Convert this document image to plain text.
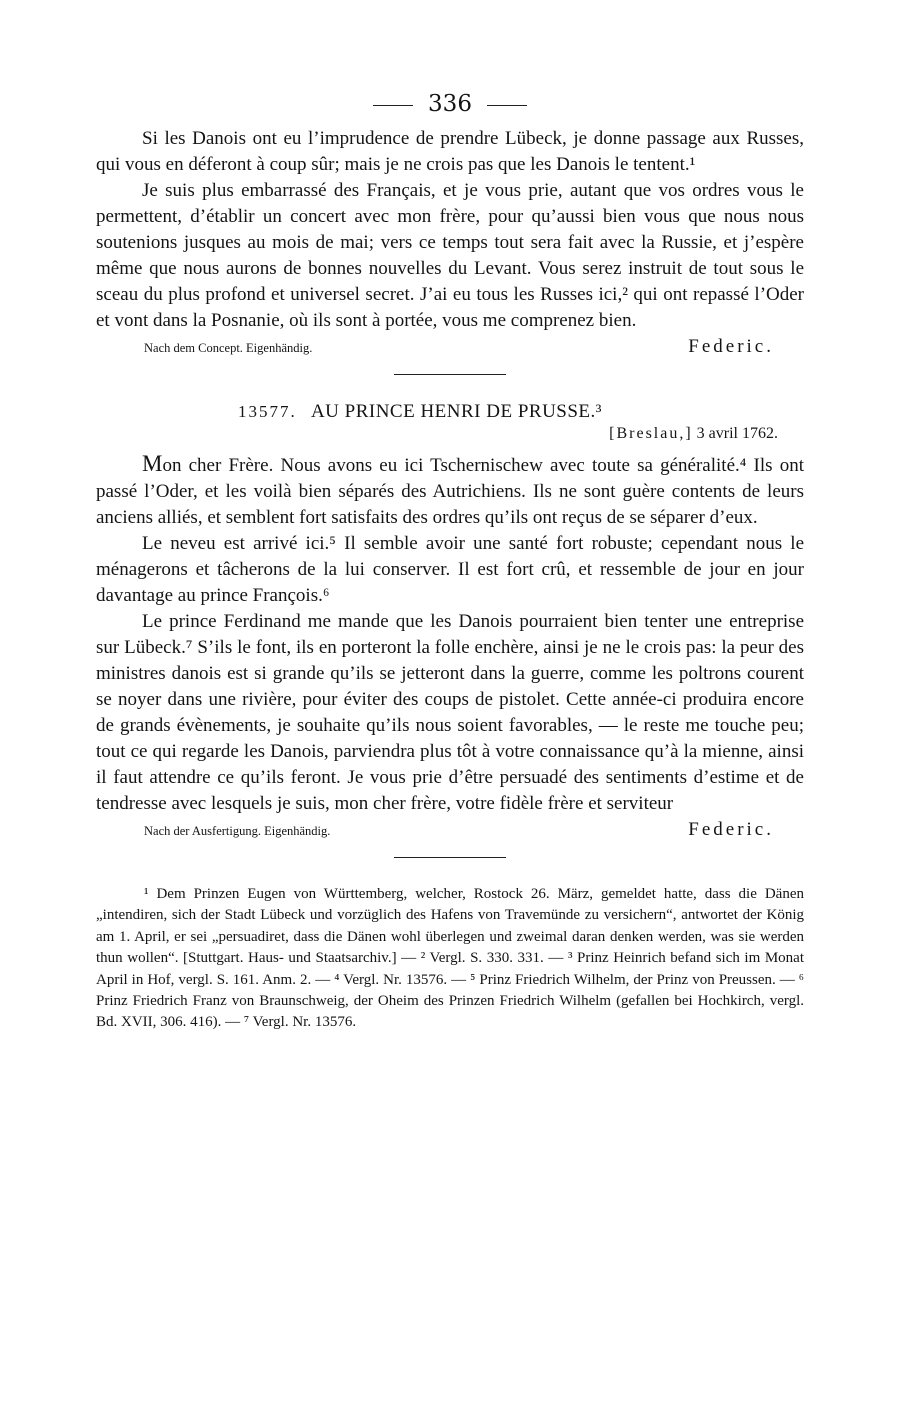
336

Si les Danois ont eu l’imprudence de prendre Lübeck, je donne passage aux Russes, qui vous en déferont à coup sûr; mais je ne crois pas que les Danois le tentent.¹

Je suis plus embarrassé des Français, et je vous prie, autant que vos ordres vous le permettent, d’établir un concert avec mon frère, pour qu’aussi bien vous que nous nous soutenions jusques au mois de mai; vers ce temps tout sera fait avec la Russie, et j’espère même que nous aurons de bonnes nouvelles du Levant. Vous serez instruit de tout sous le sceau du plus profond et universel secret. J’ai eu tous les Russes ici,² qui ont repassé l’Oder et vont dans la Posnanie, où ils sont à portée, vous me comprenez bien.

Nach dem Concept. Eigenhändig.	Federic.
13577. AU PRINCE HENRI DE PRUSSE.³
[Breslau,] 3 avril 1762.

Mon cher Frère. Nous avons eu ici Tschernischew avec toute sa généralité.⁴ Ils ont passé l’Oder, et les voilà bien séparés des Autrichiens. Ils ne sont guère contents de leurs anciens alliés, et semblent fort satisfaits des ordres qu’ils ont reçus de se séparer d’eux.

Le neveu est arrivé ici.⁵ Il semble avoir une santé fort robuste; cependant nous le ménagerons et tâcherons de la lui conserver. Il est fort crû, et ressemble de jour en jour davantage au prince François.⁶

Le prince Ferdinand me mande que les Danois pourraient bien tenter une entreprise sur Lübeck.⁷ S’ils le font, ils en porteront la folle enchère, ainsi je ne le crois pas: la peur des ministres danois est si grande qu’ils se jetteront dans la guerre, comme les poltrons courent se noyer dans une rivière, pour éviter des coups de pistolet. Cette année-ci produira encore de grands évènements, je souhaite qu’ils nous soient favorables, — le reste me touche peu; tout ce qui regarde les Danois, parviendra plus tôt à votre connaissance qu’à la mienne, ainsi il faut attendre ce qu’ils feront. Je vous prie d’être persuadé des sentiments d’estime et de tendresse avec lesquels je suis, mon cher frère, votre fidèle frère et serviteur

Nach der Ausfertigung. Eigenhändig.	Federic.

¹ Dem Prinzen Eugen von Württemberg, welcher, Rostock 26. März, gemeldet hatte, dass die Dänen „intendiren, sich der Stadt Lübeck und vorzüglich des Hafens von Travemünde zu versichern“, antwortet der König am 1. April, er sei „persuadiret, dass die Dänen wohl überlegen und zweimal daran denken werden, was sie werden thun wollen“. [Stuttgart. Haus- und Staatsarchiv.] — ² Vergl. S. 330. 331. — ³ Prinz Heinrich befand sich im Monat April in Hof, vergl. S. 161. Anm. 2. — ⁴ Vergl. Nr. 13576. — ⁵ Prinz Friedrich Wilhelm, der Prinz von Preussen. — ⁶ Prinz Friedrich Franz von Braunschweig, der Oheim des Prinzen Friedrich Wilhelm (gefallen bei Hochkirch, vergl. Bd. XVII, 306. 416). — ⁷ Vergl. Nr. 13576.
